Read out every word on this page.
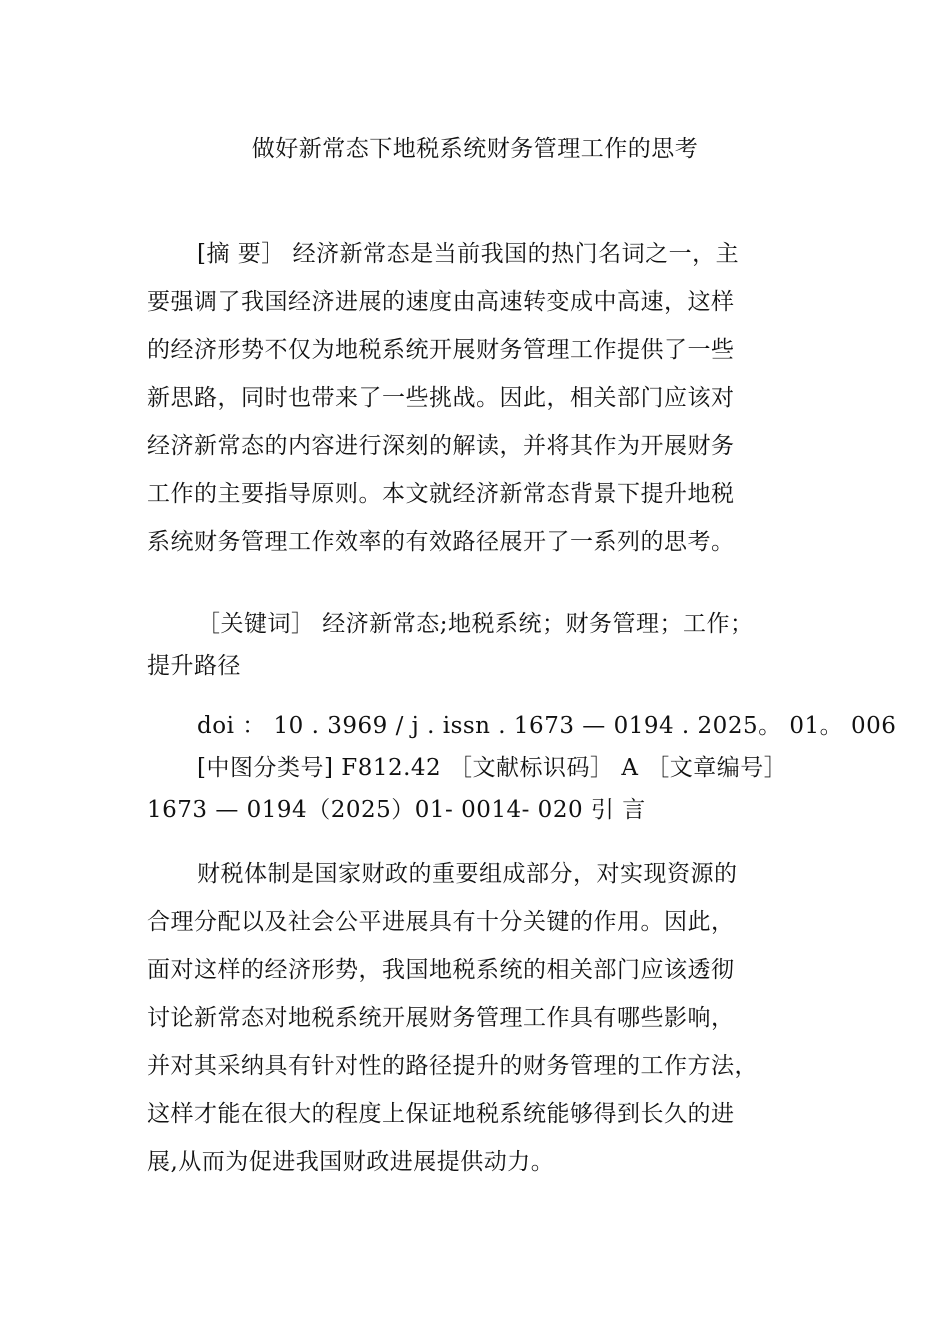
做好新常态下地税系统财务管理工作的思考

[摘 要］ 经济新常态是当前我国的热门名词之一，主
要强调了我国经济进展的速度由高速转变成中高速，这样
的经济形势不仅为地税系统开展财务管理工作提供了一些
新思路，同时也带来了一些挑战。因此，相关部门应该对
经济新常态的内容进行深刻的解读，并将其作为开展财务
工作的主要指导原则。本文就经济新常态背景下提升地税
系统财务管理工作效率的有效路径展开了一系列的思考。

［关键词］ 经济新常态;地税系统；财务管理；工作；
提升路径

doi ： 10 . 3969 / j . issn . 1673 — 0194 . 2025。 01。 006
[中图分类号] F812.42 ［文献标识码］ A ［文章编号］
1673 — 0194（2025）01- 0014- 020 引 言

财税体制是国家财政的重要组成部分，对实现资源的
合理分配以及社会公平进展具有十分关键的作用。因此，
面对这样的经济形势，我国地税系统的相关部门应该透彻
讨论新常态对地税系统开展财务管理工作具有哪些影响，
并对其采纳具有针对性的路径提升的财务管理的工作方法，
这样才能在很大的程度上保证地税系统能够得到长久的进
展,从而为促进我国财政进展提供动力。
